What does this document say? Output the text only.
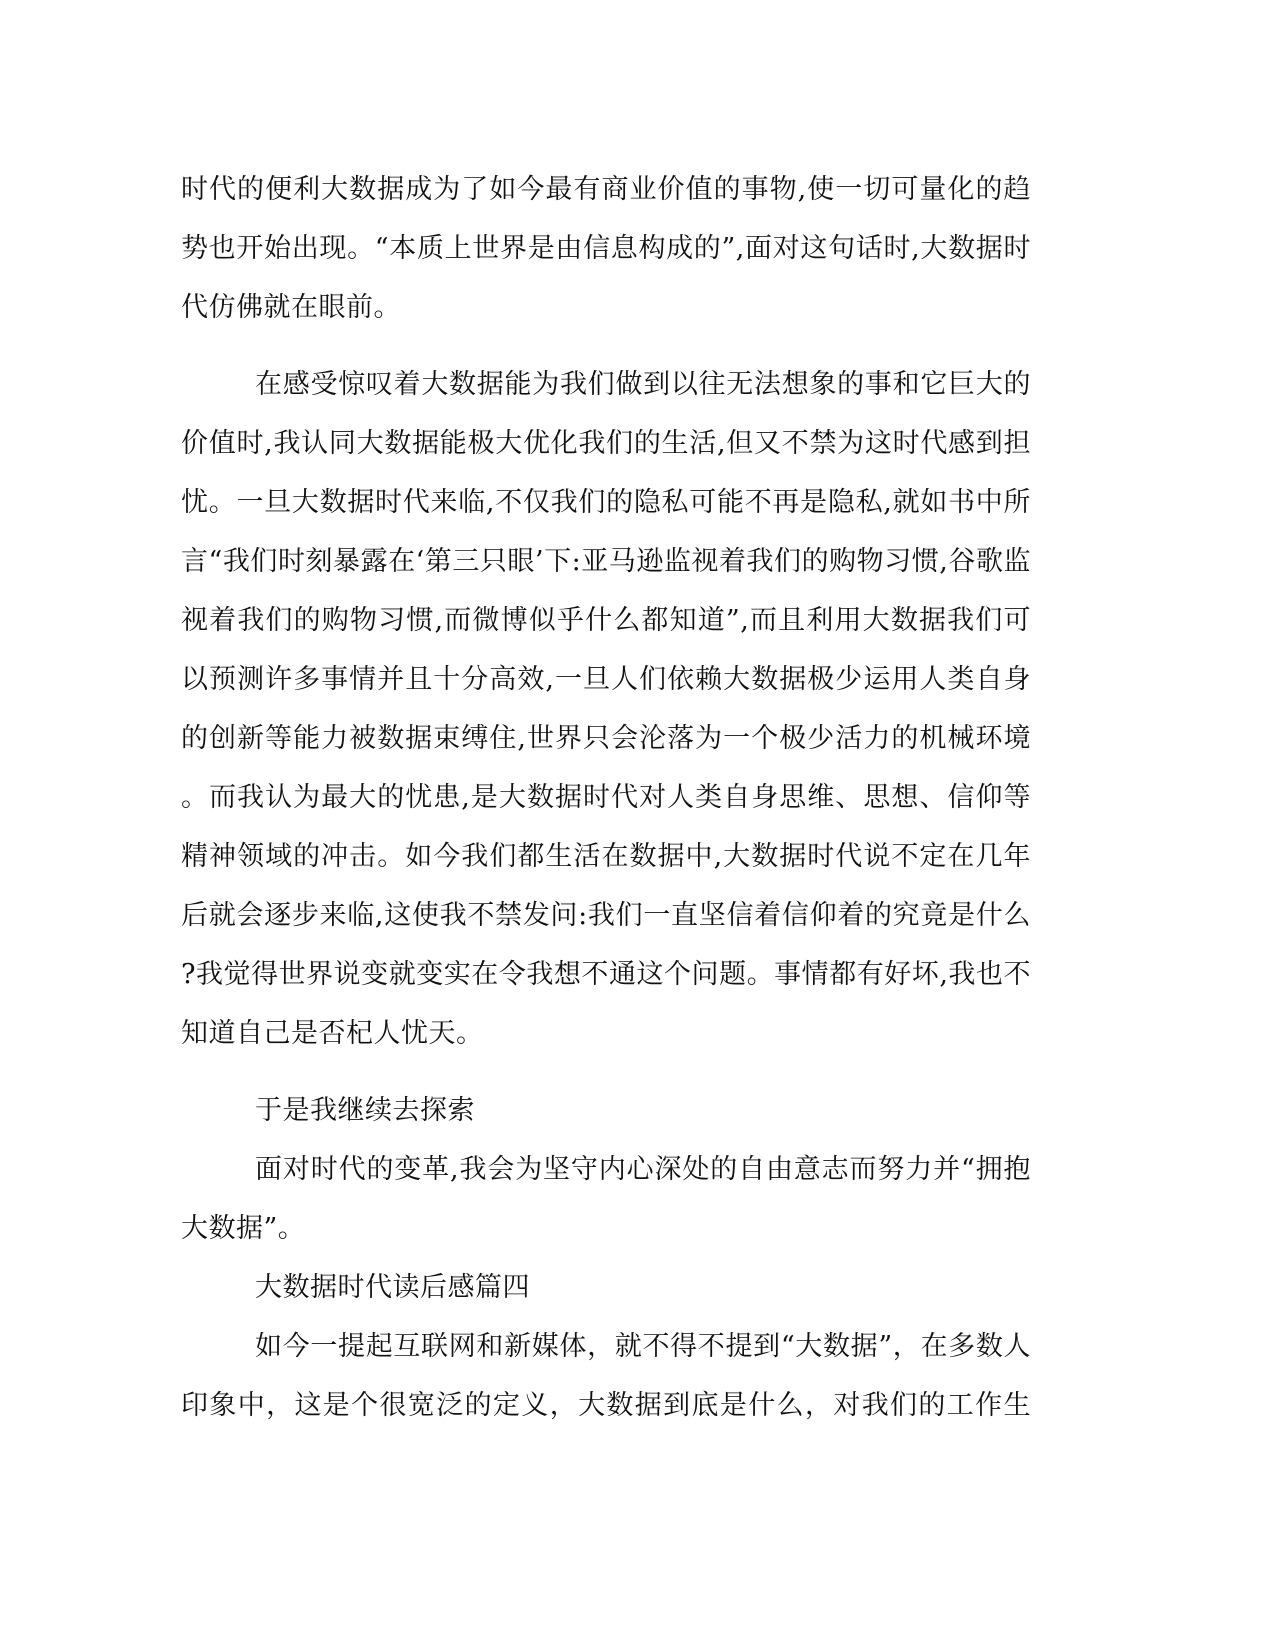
时代的便利大数据成为了如今最有商业价值的事物,使一切可量化的趋
势也开始出现。“本质上世界是由信息构成的”,面对这句话时,大数据时
代仿佛就在眼前。
在感受惊叹着大数据能为我们做到以往无法想象的事和它巨大的
价值时,我认同大数据能极大优化我们的生活,但又不禁为这时代感到担
忧。一旦大数据时代来临,不仅我们的隐私可能不再是隐私,就如书中所
言“我们时刻暴露在‘第三只眼’下:亚马逊监视着我们的购物习惯,谷歌监
视着我们的购物习惯,而微博似乎什么都知道”,而且利用大数据我们可
以预测许多事情并且十分高效,一旦人们依赖大数据极少运用人类自身
的创新等能力被数据束缚住,世界只会沦落为一个极少活力的机械环境
。而我认为最大的忧患,是大数据时代对人类自身思维、思想、信仰等
精神领域的冲击。如今我们都生活在数据中,大数据时代说不定在几年
后就会逐步来临,这使我不禁发问:我们一直坚信着信仰着的究竟是什么
?我觉得世界说变就变实在令我想不通这个问题。事情都有好坏,我也不
知道自己是否杞人忧天。
于是我继续去探索
面对时代的变革,我会为坚守内心深处的自由意志而努力并“拥抱
大数据”。
大数据时代读后感篇四
如今一提起互联网和新媒体，就不得不提到“大数据”，在多数人
印象中，这是个很宽泛的定义，大数据到底是什么，对我们的工作生
